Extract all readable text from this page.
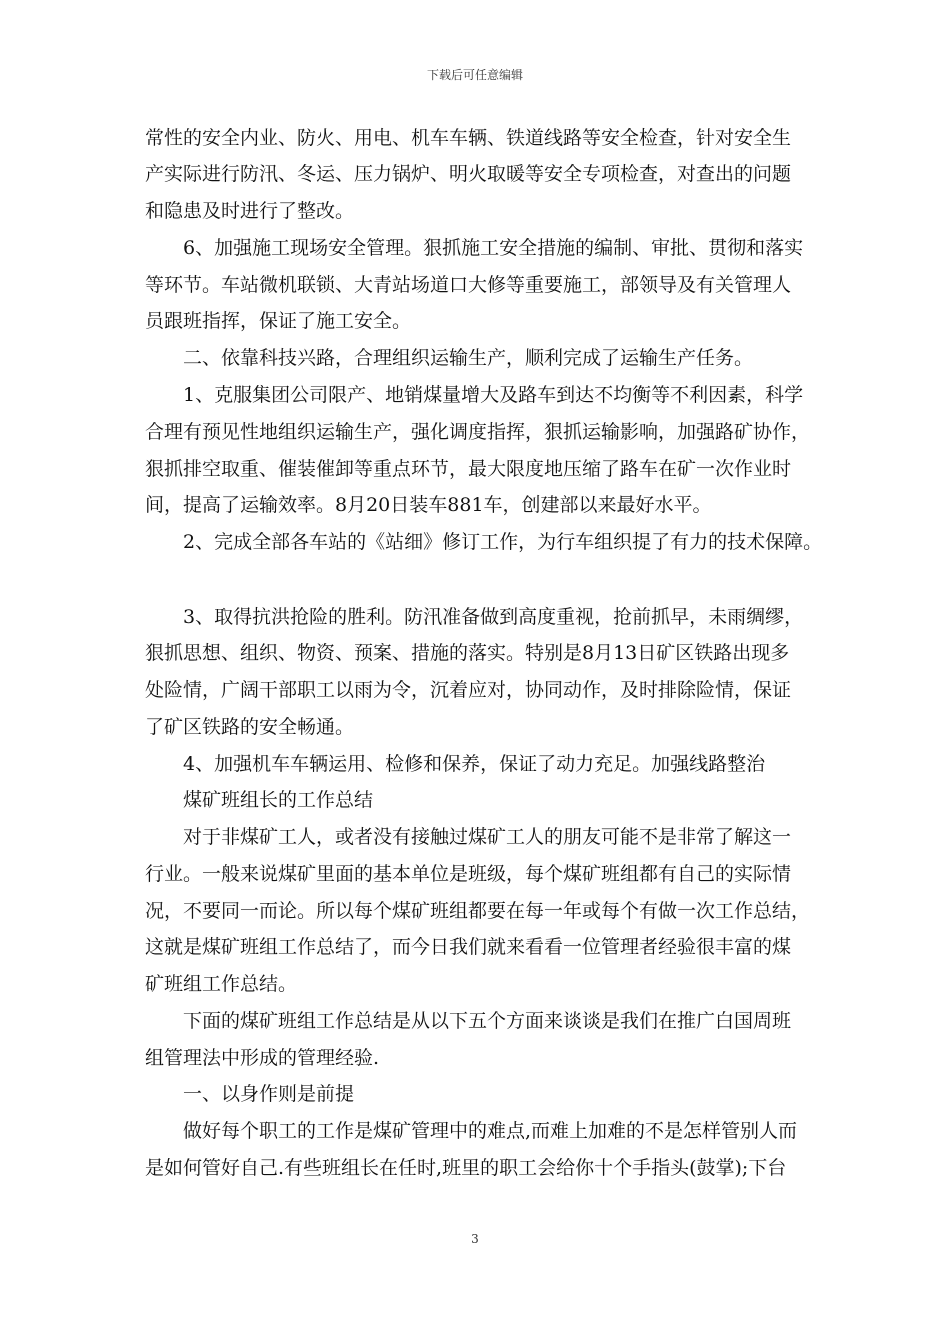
下载后可任意编辑
常性的安全内业、防火、用电、机车车辆、铁道线路等安全检查，针对安全生
产实际进行防汛、冬运、压力锅炉、明火取暖等安全专项检查，对查出的问题
和隐患及时进行了整改。
6、加强施工现场安全管理。狠抓施工安全措施的编制、审批、贯彻和落实
等环节。车站微机联锁、大青站场道口大修等重要施工，部领导及有关管理人
员跟班指挥，保证了施工安全。
二、依靠科技兴路，合理组织运输生产，顺利完成了运输生产任务。
1、克服集团公司限产、地销煤量增大及路车到达不均衡等不利因素，科学
合理有预见性地组织运输生产，强化调度指挥，狠抓运输影响，加强路矿协作，
狠抓排空取重、催装催卸等重点环节，最大限度地压缩了路车在矿一次作业时
间，提高了运输效率。8月20日装车881车，创建部以来最好水平。
2、完成全部各车站的《站细》修订工作，为行车组织提了有力的技术保障。
3、取得抗洪抢险的胜利。防汛准备做到高度重视，抢前抓早，未雨绸缪，
狠抓思想、组织、物资、预案、措施的落实。特别是8月13日矿区铁路出现多
处险情，广阔干部职工以雨为令，沉着应对，协同动作，及时排除险情，保证
了矿区铁路的安全畅通。
4、加强机车车辆运用、检修和保养，保证了动力充足。加强线路整治
煤矿班组长的工作总结
对于非煤矿工人，或者没有接触过煤矿工人的朋友可能不是非常了解这一
行业。一般来说煤矿里面的基本单位是班级，每个煤矿班组都有自己的实际情
况，不要同一而论。所以每个煤矿班组都要在每一年或每个有做一次工作总结，
这就是煤矿班组工作总结了，而今日我们就来看看一位管理者经验很丰富的煤
矿班组工作总结。
下面的煤矿班组工作总结是从以下五个方面来谈谈是我们在推广白国周班
组管理法中形成的管理经验.
一、以身作则是前提
做好每个职工的工作是煤矿管理中的难点,而难上加难的不是怎样管别人而
是如何管好自己.有些班组长在任时,班里的职工会给你十个手指头(鼓掌);下台
3
